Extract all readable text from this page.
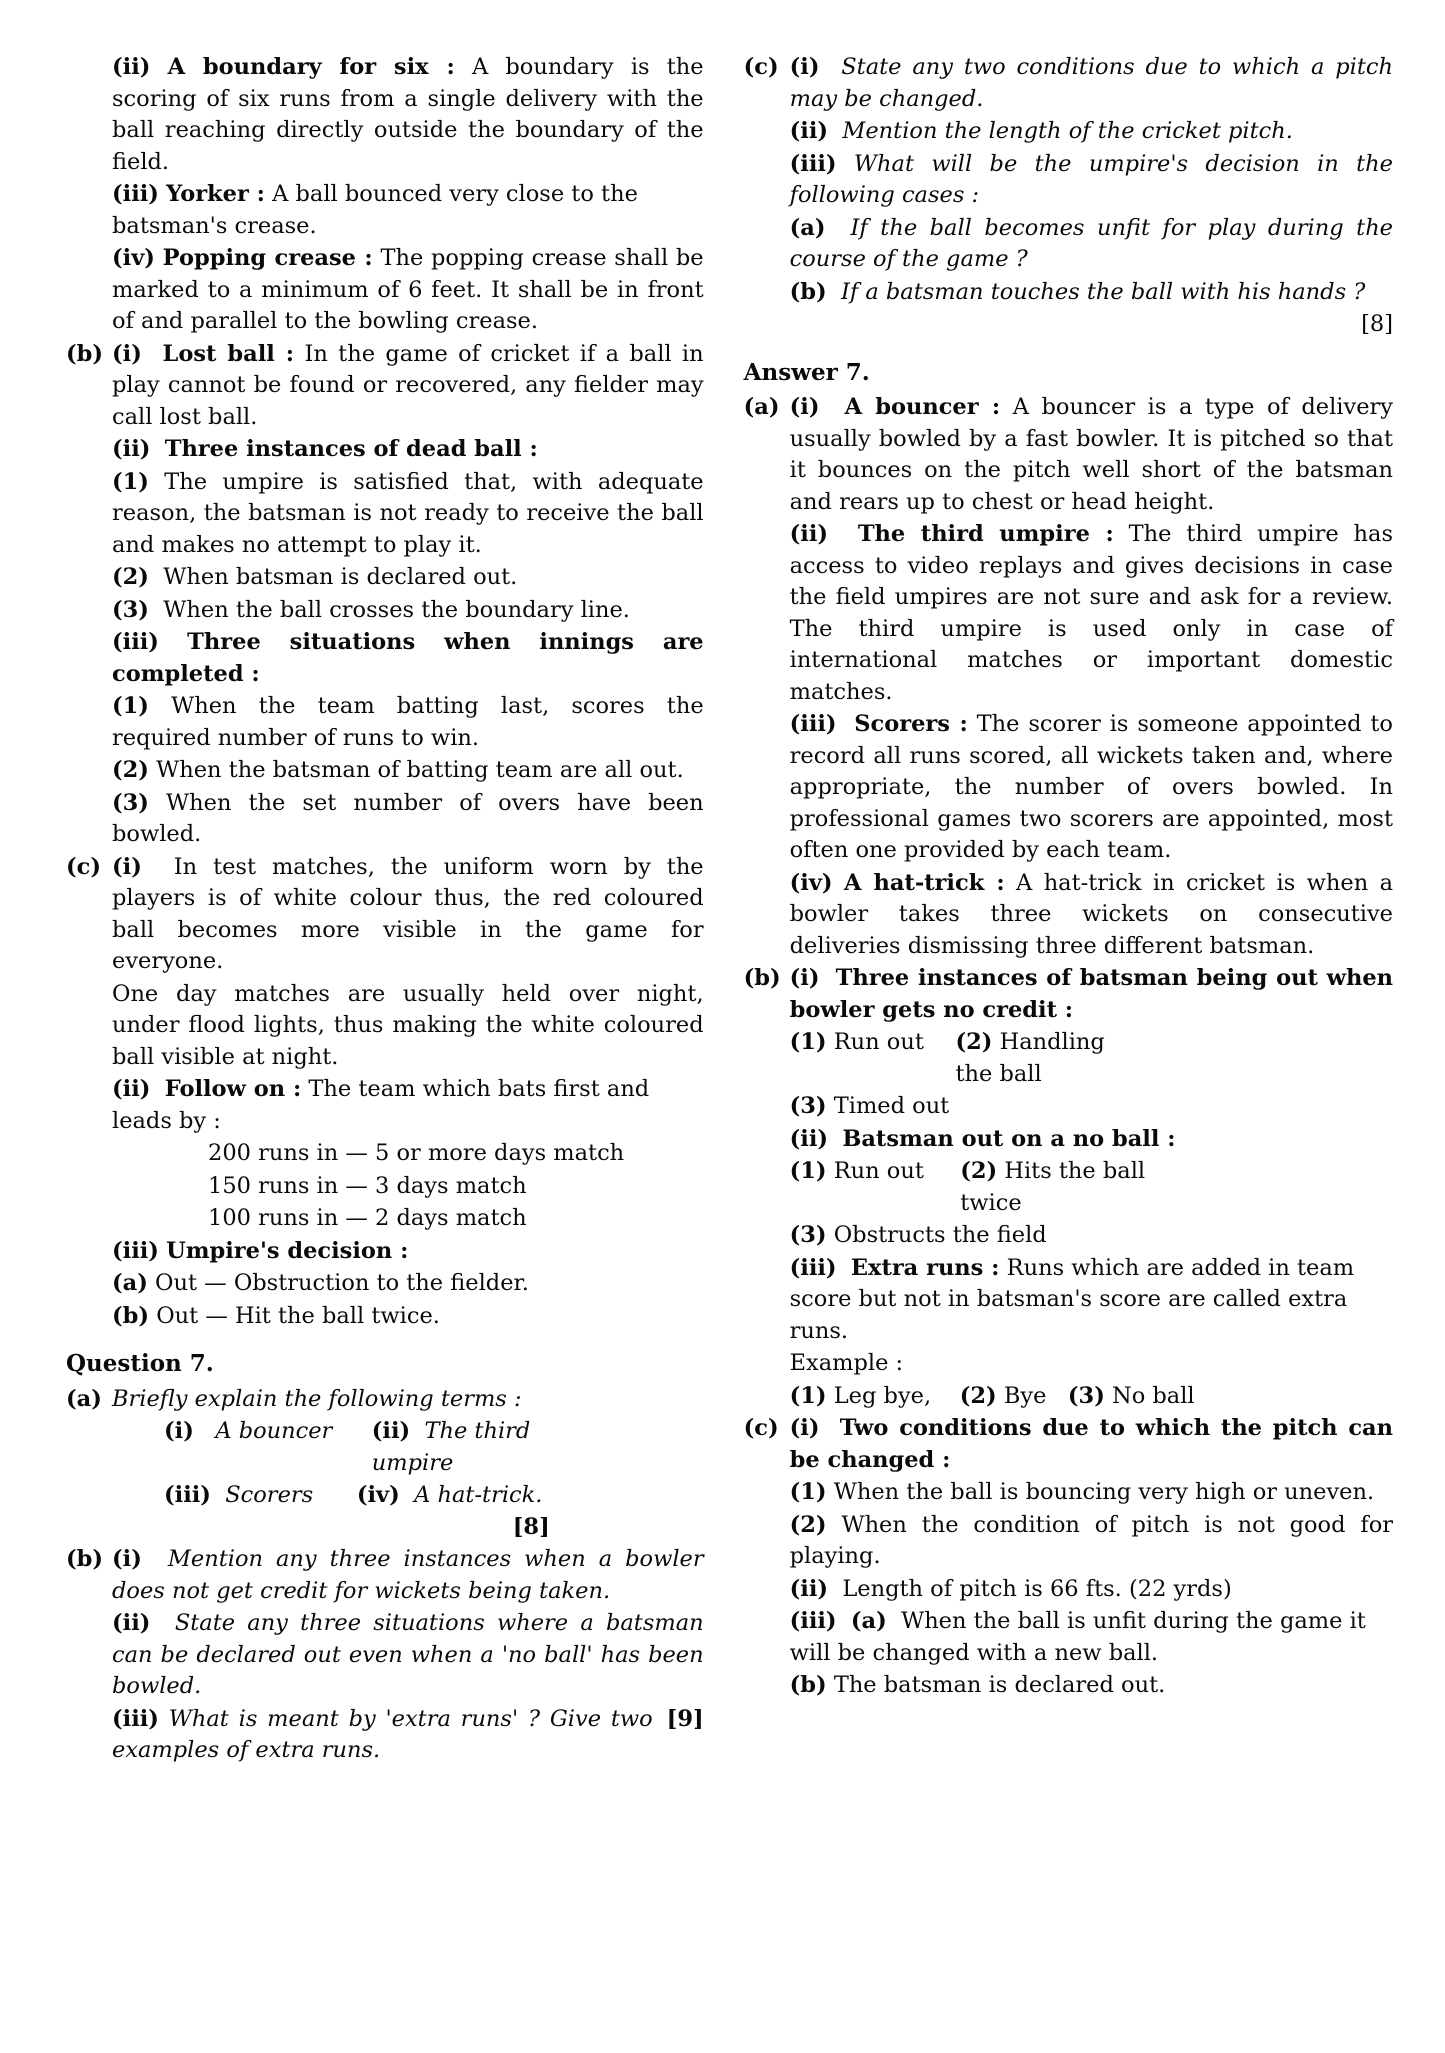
(ii) A boundary for six : A boundary is the scoring of six runs from a single delivery with the ball reaching directly outside the boundary of the field.
(iii) Yorker : A ball bounced very close to the batsman's crease.
(iv) Popping crease : The popping crease shall be marked to a minimum of 6 feet. It shall be in front of and parallel to the bowling crease.
(b) (i) Lost ball : In the game of cricket if a ball in play cannot be found or recovered, any fielder may call lost ball.
(ii) Three instances of dead ball :
(1) The umpire is satisfied that, with adequate reason, the batsman is not ready to receive the ball and makes no attempt to play it.
(2) When batsman is declared out.
(3) When the ball crosses the boundary line.
(iii) Three situations when innings are completed :
(1) When the team batting last, scores the required number of runs to win.
(2) When the batsman of batting team are all out.
(3) When the set number of overs have been bowled.
(c) (i) In test matches, the uniform worn by the players is of white colour thus, the red coloured ball becomes more visible in the game for everyone.
One day matches are usually held over night, under flood lights, thus making the white coloured ball visible at night.
(ii) Follow on : The team which bats first and leads by :
200 runs in — 5 or more days match
150 runs in — 3 days match
100 runs in — 2 days match
(iii) Umpire's decision :
(a) Out — Obstruction to the fielder.
(b) Out — Hit the ball twice.
Question 7.
(a) Briefly explain the following terms :
(i) A bouncer	(ii) The third umpire
(iii) Scorers	(iv) A hat-trick.
[8]
(b) (i) Mention any three instances when a bowler does not get credit for wickets being taken.
(ii) State any three situations where a batsman can be declared out even when a 'no ball' has been bowled.
(iii)	[9]
What is meant by 'extra runs' ? Give two examples of extra runs.
(c) (i) State any two conditions due to which a pitch may be changed.
(ii) Mention the length of the cricket pitch.
(iii) What will be the umpire's decision in the following cases :
(a) If the ball becomes unfit for play during the course of the game ?
(b) If a batsman touches the ball with his hands ?
[8]
Answer 7.
(a) (i) A bouncer : A bouncer is a type of delivery usually bowled by a fast bowler. It is pitched so that it bounces on the pitch well short of the batsman and rears up to chest or head height.
(ii) The third umpire : The third umpire has access to video replays and gives decisions in case the field umpires are not sure and ask for a review. The third umpire is used only in case of international matches or important domestic matches.
(iii) Scorers : The scorer is someone appointed to record all runs scored, all wickets taken and, where appropriate, the number of overs bowled. In professional games two scorers are appointed, most often one provided by each team.
(iv) A hat-trick : A hat-trick in cricket is when a bowler takes three wickets on consecutive deliveries dismissing three different batsman.
(b) (i) Three instances of batsman being out when bowler gets no credit :
(1) Run out	(2) Handling the ball
(3) Timed out
(ii) Batsman out on a no ball :
(1) Run out	(2) Hits the ball twice
(3) Obstructs the field
(iii) Extra runs : Runs which are added in team score but not in batsman's score are called extra runs.
Example :
(1) Leg bye, (2) Bye (3) No ball
(c) (i) Two conditions due to which the pitch can be changed :
(1) When the ball is bouncing very high or uneven.
(2) When the condition of pitch is not good for playing.
(ii) Length of pitch is 66 fts. (22 yrds)
(iii) (a) When the ball is unfit during the game it will be changed with a new ball.
(b) The batsman is declared out.
